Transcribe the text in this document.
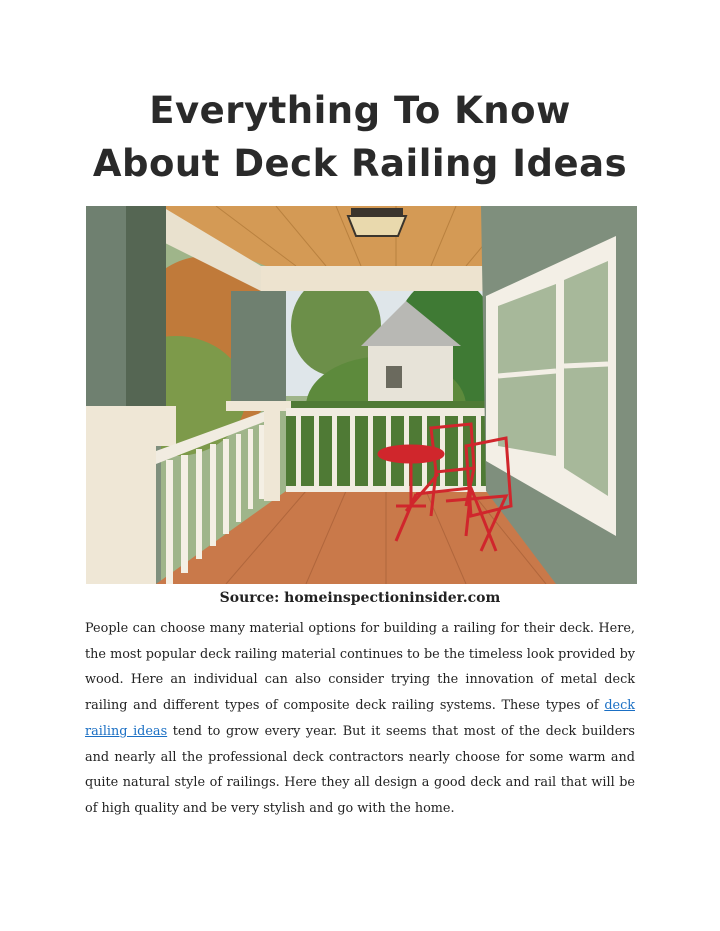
Everything To Know
About Deck Railing Ideas
Source: homeinspectioninsider.com

People can choose many material options for building a railing for their deck. Here, the most popular deck railing material continues to be the timeless look provided by wood. Here an individual can also consider trying the innovation of metal deck railing and different types of composite deck railing systems. These types of deck railing ideas tend to grow every year. But it seems that most of the deck builders and nearly all the professional deck contractors nearly choose for some warm and quite natural style of railings. Here they all design a good deck and rail that will be of high quality and be very stylish and go with the home.
